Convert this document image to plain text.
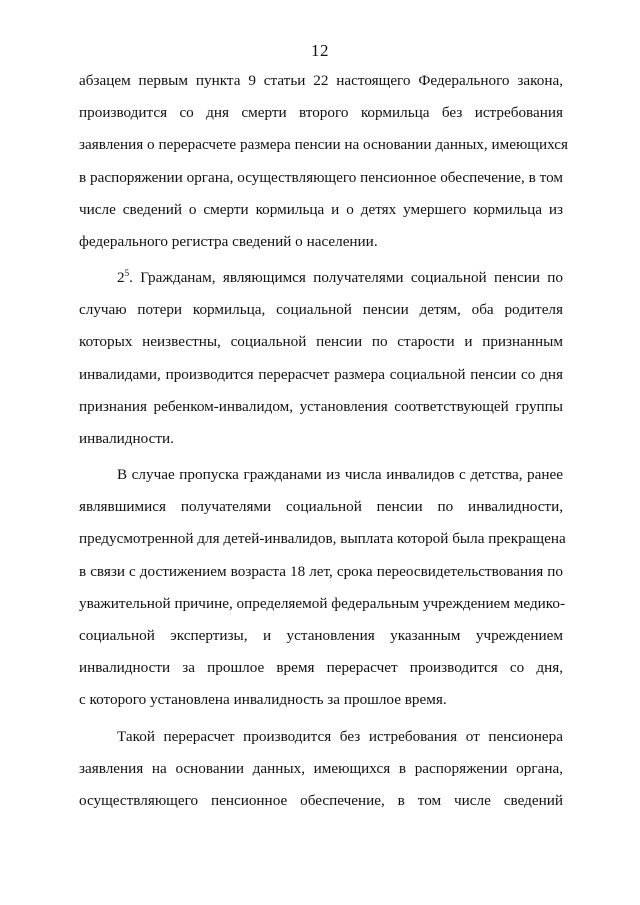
12
абзацем первым пункта 9 статьи 22 настоящего Федерального закона,
производится со дня смерти второго кормильца без истребования
заявления о перерасчете размера пенсии на основании данных, имеющихся
в распоряжении органа, осуществляющего пенсионное обеспечение, в том
числе сведений о смерти кормильца и о детях умершего кормильца из
федерального регистра сведений о населении.
$2^5$. Гражданам, являющимся получателями социальной пенсии по
случаю потери кормильца, социальной пенсии детям, оба родителя
которых неизвестны, социальной пенсии по старости и признанным
инвалидами, производится перерасчет размера социальной пенсии со дня
признания ребенком-инвалидом, установления соответствующей группы
инвалидности.
В случае пропуска гражданами из числа инвалидов с детства, ранее
являвшимися получателями социальной пенсии по инвалидности,
предусмотренной для детей-инвалидов, выплата которой была прекращена
в связи с достижением возраста 18 лет, срока переосвидетельствования по
уважительной причине, определяемой федеральным учреждением медико-
социальной экспертизы, и установления указанным учреждением
инвалидности за прошлое время перерасчет производится со дня,
с которого установлена инвалидность за прошлое время.
Такой перерасчет производится без истребования от пенсионера
заявления на основании данных, имеющихся в распоряжении органа,
осуществляющего пенсионное обеспечение, в том числе сведений
